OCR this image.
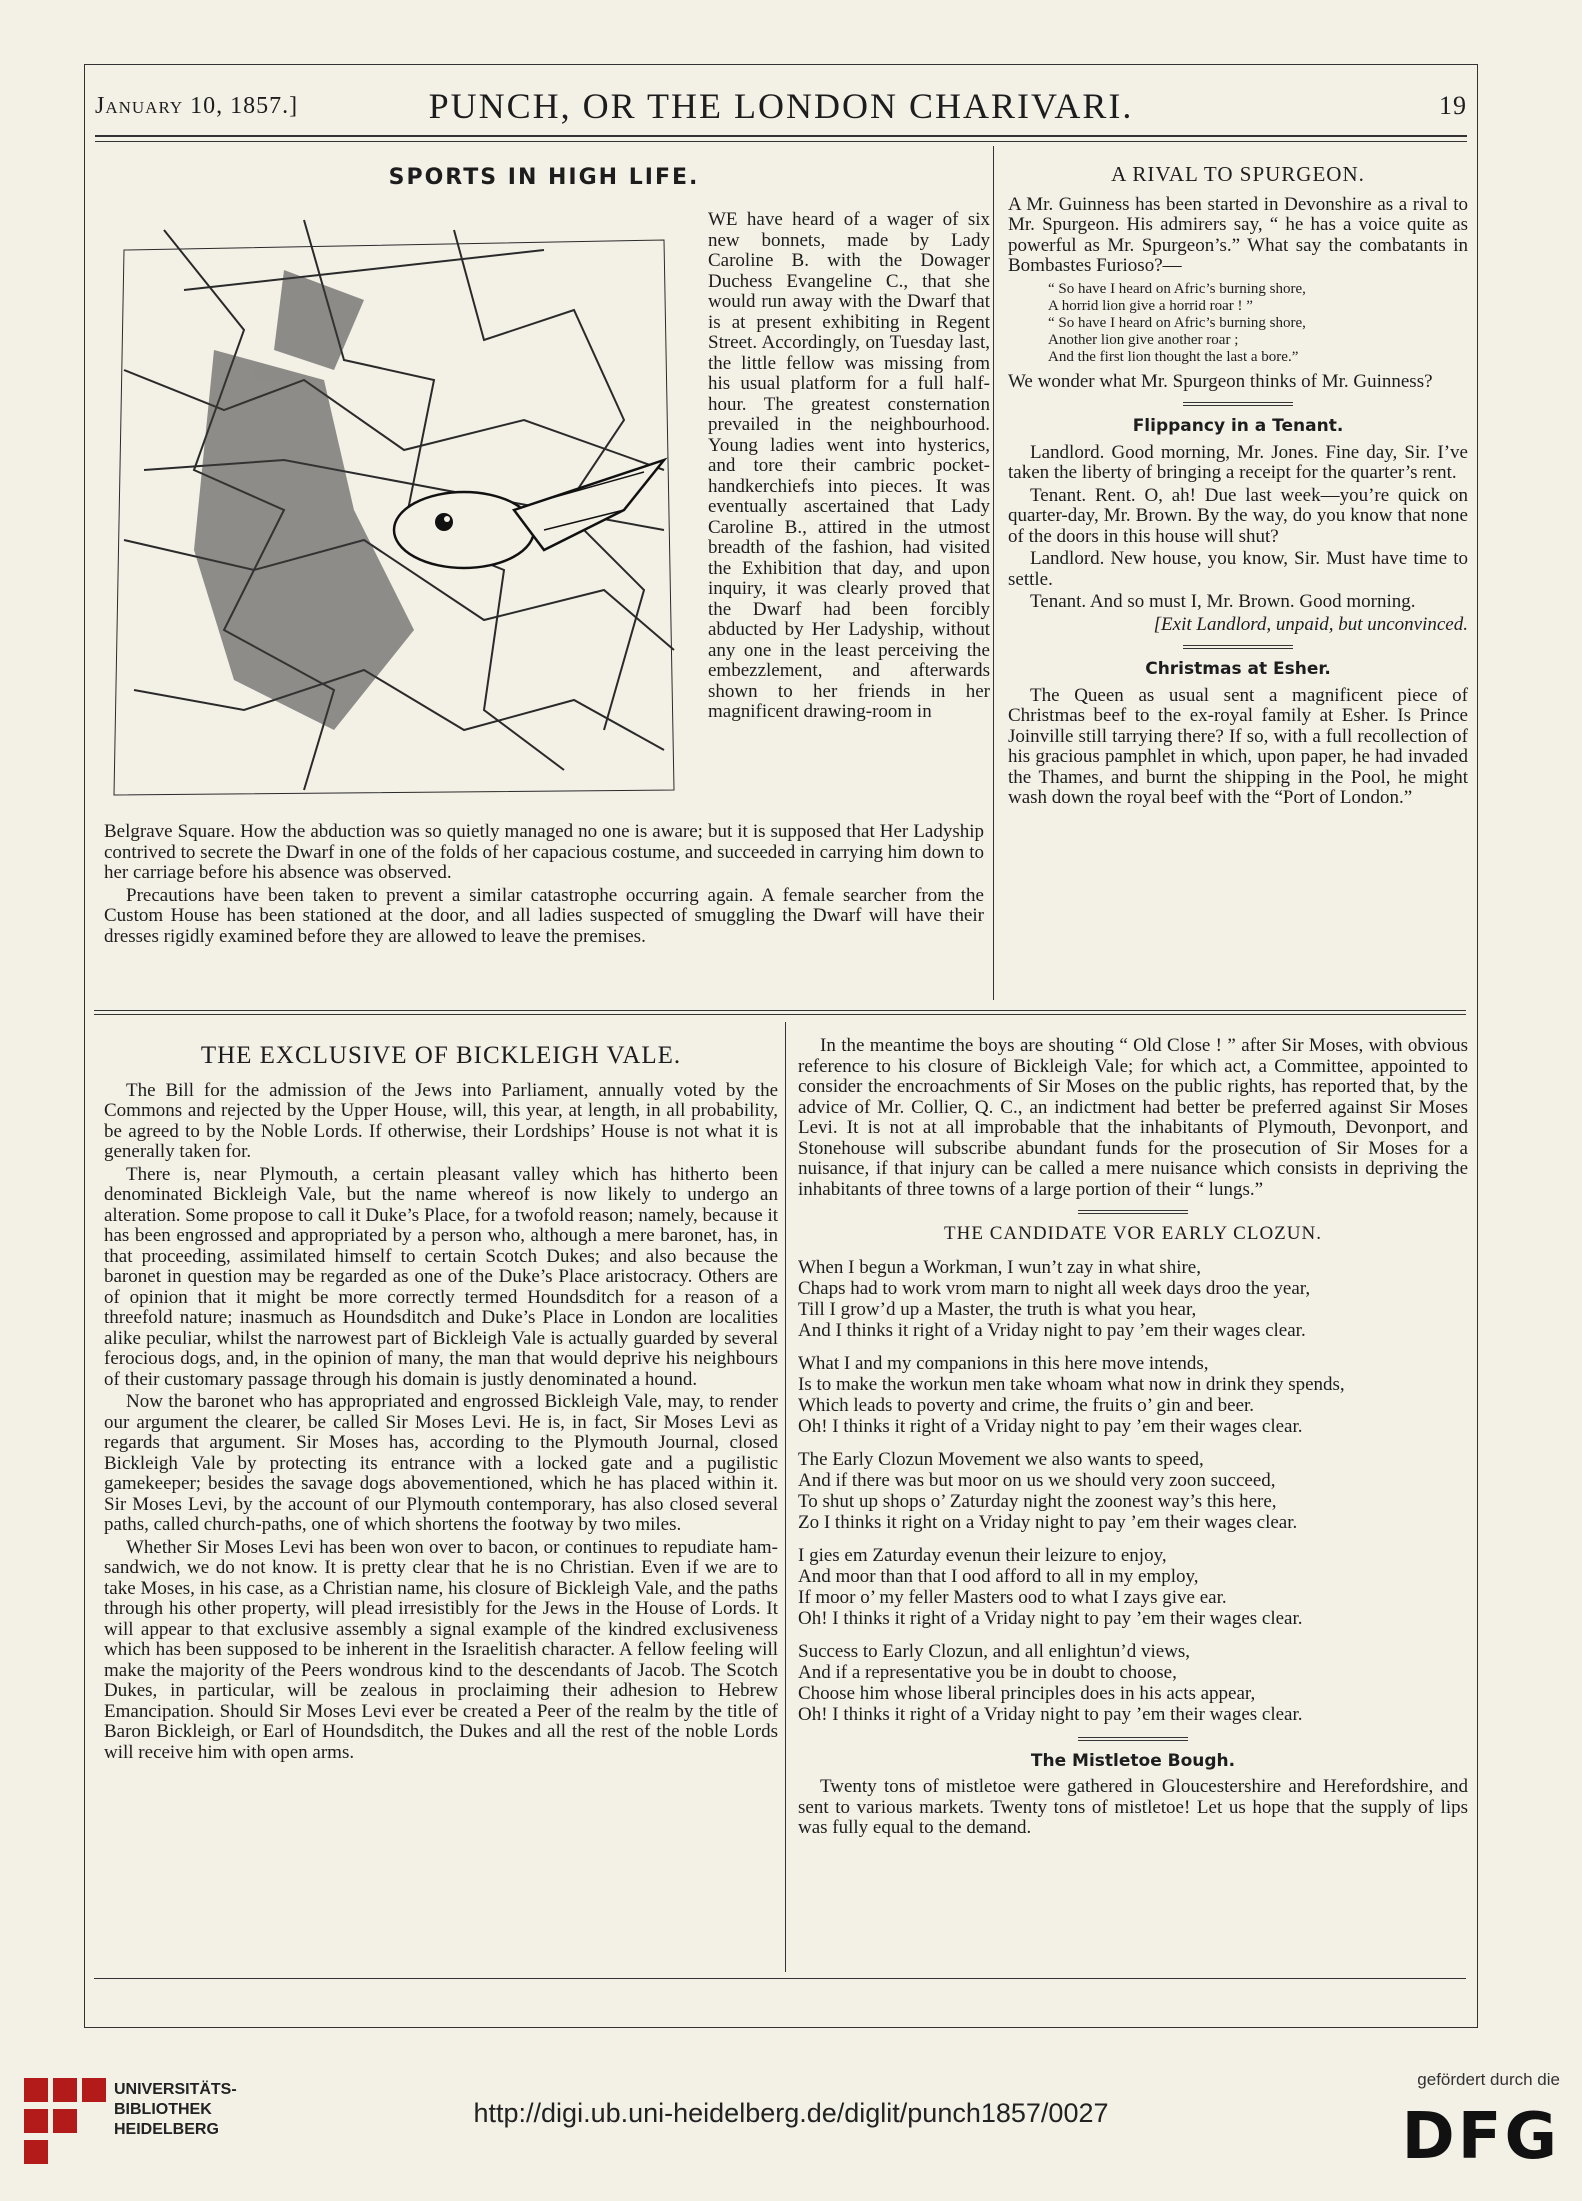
January 10, 1857.]	PUNCH, OR THE LONDON CHARIVARI.	19
SPORTS IN HIGH LIFE.

WE have heard of a wager of six new bonnets, made by Lady Caroline B. with the Dowager Duchess Evangeline C., that she would run away with the Dwarf that is at present exhibiting in Regent Street. Accordingly, on Tuesday last, the little fellow was missing from his usual platform for a full half-hour. The greatest consternation prevailed in the neighbourhood. Young ladies went into hysterics, and tore their cambric pocket-handkerchiefs into pieces. It was eventually ascertained that Lady Caroline B., attired in the utmost breadth of the fashion, had visited the Exhibition that day, and upon inquiry, it was clearly proved that the Dwarf had been forcibly abducted by Her Ladyship, without any one in the least perceiving the embezzlement, and afterwards shown to her friends in her magnificent drawing-room in

Belgrave Square. How the abduction was so quietly managed no one is aware; but it is supposed that Her Ladyship contrived to secrete the Dwarf in one of the folds of her capacious costume, and succeeded in carrying him down to her carriage before his absence was observed.

Precautions have been taken to prevent a similar catastrophe occurring again. A female searcher from the Custom House has been stationed at the door, and all ladies suspected of smuggling the Dwarf will have their dresses rigidly examined before they are allowed to leave the premises.

A RIVAL TO SPURGEON.

A Mr. Guinness has been started in Devonshire as a rival to Mr. Spurgeon. His admirers say, “ he has a voice quite as powerful as Mr. Spurgeon’s.” What say the combatants in Bombastes Furioso?—

“ So have I heard on Afric’s burning shore,
A horrid lion give a horrid roar ! ”
“ So have I heard on Afric’s burning shore,
Another lion give another roar ;
And the first lion thought the last a bore.”

We wonder what Mr. Spurgeon thinks of Mr. Guinness?

Flippancy in a Tenant.

Landlord. Good morning, Mr. Jones. Fine day, Sir. I’ve taken the liberty of bringing a receipt for the quarter’s rent.

Tenant. Rent. O, ah! Due last week—you’re quick on quarter-day, Mr. Brown. By the way, do you know that none of the doors in this house will shut?

Landlord. New house, you know, Sir. Must have time to settle.

Tenant. And so must I, Mr. Brown. Good morning.

[Exit Landlord, unpaid, but unconvinced.

Christmas at Esher.

The Queen as usual sent a magnificent piece of Christmas beef to the ex-royal family at Esher. Is Prince Joinville still tarrying there? If so, with a full recollection of his gracious pamphlet in which, upon paper, he had invaded the Thames, and burnt the shipping in the Pool, he might wash down the royal beef with the “Port of London.”

THE EXCLUSIVE OF BICKLEIGH VALE.

The Bill for the admission of the Jews into Parliament, annually voted by the Commons and rejected by the Upper House, will, this year, at length, in all probability, be agreed to by the Noble Lords. If otherwise, their Lordships’ House is not what it is generally taken for.

There is, near Plymouth, a certain pleasant valley which has hitherto been denominated Bickleigh Vale, but the name whereof is now likely to undergo an alteration. Some propose to call it Duke’s Place, for a twofold reason; namely, because it has been engrossed and appropriated by a person who, although a mere baronet, has, in that proceeding, assimilated himself to certain Scotch Dukes; and also because the baronet in question may be regarded as one of the Duke’s Place aristocracy. Others are of opinion that it might be more correctly termed Houndsditch for a reason of a threefold nature; inasmuch as Houndsditch and Duke’s Place in London are localities alike peculiar, whilst the narrowest part of Bickleigh Vale is actually guarded by several ferocious dogs, and, in the opinion of many, the man that would deprive his neighbours of their customary passage through his domain is justly denominated a hound.

Now the baronet who has appropriated and engrossed Bickleigh Vale, may, to render our argument the clearer, be called Sir Moses Levi. He is, in fact, Sir Moses Levi as regards that argument. Sir Moses has, according to the Plymouth Journal, closed Bickleigh Vale by protecting its entrance with a locked gate and a pugilistic gamekeeper; besides the savage dogs abovementioned, which he has placed within it. Sir Moses Levi, by the account of our Plymouth contemporary, has also closed several paths, called church-paths, one of which shortens the footway by two miles.

Whether Sir Moses Levi has been won over to bacon, or continues to repudiate ham-sandwich, we do not know. It is pretty clear that he is no Christian. Even if we are to take Moses, in his case, as a Christian name, his closure of Bickleigh Vale, and the paths through his other property, will plead irresistibly for the Jews in the House of Lords. It will appear to that exclusive assembly a signal example of the kindred exclusiveness which has been supposed to be inherent in the Israelitish character. A fellow feeling will make the majority of the Peers wondrous kind to the descendants of Jacob. The Scotch Dukes, in particular, will be zealous in proclaiming their adhesion to Hebrew Emancipation. Should Sir Moses Levi ever be created a Peer of the realm by the title of Baron Bickleigh, or Earl of Houndsditch, the Dukes and all the rest of the noble Lords will receive him with open arms.

In the meantime the boys are shouting “ Old Close ! ” after Sir Moses, with obvious reference to his closure of Bickleigh Vale; for which act, a Committee, appointed to consider the encroachments of Sir Moses on the public rights, has reported that, by the advice of Mr. Collier, Q. C., an indictment had better be preferred against Sir Moses Levi. It is not at all improbable that the inhabitants of Plymouth, Devonport, and Stonehouse will subscribe abundant funds for the prosecution of Sir Moses for a nuisance, if that injury can be called a mere nuisance which consists in depriving the inhabitants of three towns of a large portion of their “ lungs.”

THE CANDIDATE VOR EARLY CLOZUN.
When I begun a Workman, I wun’t zay in what shire,
Chaps had to work vrom marn to night all week days droo the year,
Till I grow’d up a Master, the truth is what you hear,
And I thinks it right of a Vriday night to pay ’em their wages clear.
What I and my companions in this here move intends,
Is to make the workun men take whoam what now in drink they spends,
Which leads to poverty and crime, the fruits o’ gin and beer.
Oh! I thinks it right of a Vriday night to pay ’em their wages clear.
The Early Clozun Movement we also wants to speed,
And if there was but moor on us we should very zoon succeed,
To shut up shops o’ Zaturday night the zoonest way’s this here,
Zo I thinks it right on a Vriday night to pay ’em their wages clear.
I gies em Zaturday evenun their leizure to enjoy,
And moor than that I ood afford to all in my employ,
If moor o’ my feller Masters ood to what I zays give ear.
Oh! I thinks it right of a Vriday night to pay ’em their wages clear.
Success to Early Clozun, and all enlightun’d views,
And if a representative you be in doubt to choose,
Choose him whose liberal principles does in his acts appear,
Oh! I thinks it right of a Vriday night to pay ’em their wages clear.
The Mistletoe Bough.

Twenty tons of mistletoe were gathered in Gloucestershire and Herefordshire, and sent to various markets. Twenty tons of mistletoe! Let us hope that the supply of lips was fully equal to the demand.

UNIVERSITÄTS-
BIBLIOTHEK
HEIDELBERG
http://digi.ub.uni-heidelberg.de/diglit/punch1857/0027
gefördert durch die
DFG
